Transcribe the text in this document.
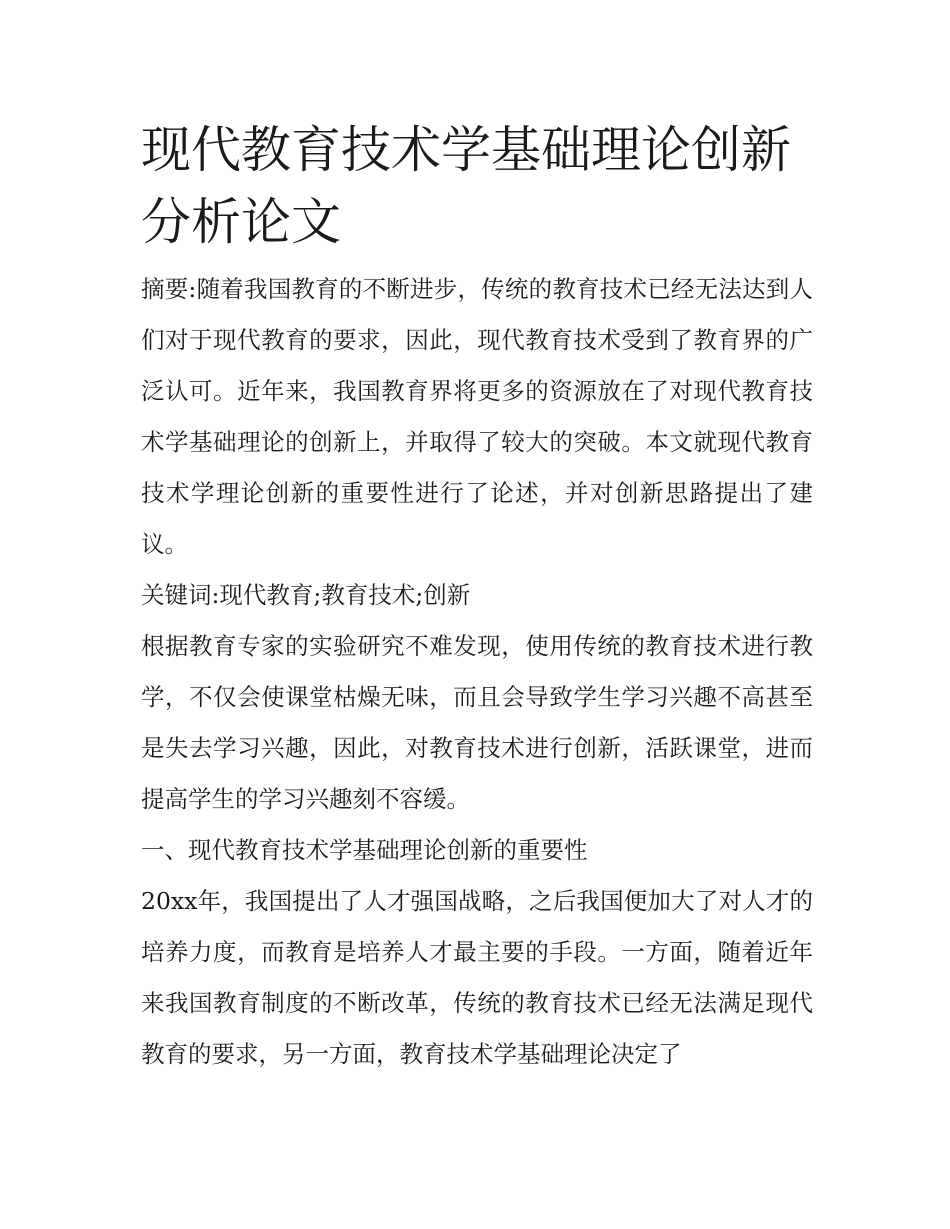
现代教育技术学基础理论创新分析论文

摘要:随着我国教育的不断进步，传统的教育技术已经无法达到人们对于现代教育的要求，因此，现代教育技术受到了教育界的广泛认可。近年来，我国教育界将更多的资源放在了对现代教育技术学基础理论的创新上，并取得了较大的突破。本文就现代教育技术学理论创新的重要性进行了论述，并对创新思路提出了建议。

关键词:现代教育;教育技术;创新

根据教育专家的实验研究不难发现，使用传统的教育技术进行教学，不仅会使课堂枯燥无味，而且会导致学生学习兴趣不高甚至是失去学习兴趣，因此，对教育技术进行创新，活跃课堂，进而提高学生的学习兴趣刻不容缓。

一、现代教育技术学基础理论创新的重要性

20xx年，我国提出了人才强国战略，之后我国便加大了对人才的培养力度，而教育是培养人才最主要的手段。一方面，随着近年来我国教育制度的不断改革，传统的教育技术已经无法满足现代教育的要求，另一方面，教育技术学基础理论决定了
